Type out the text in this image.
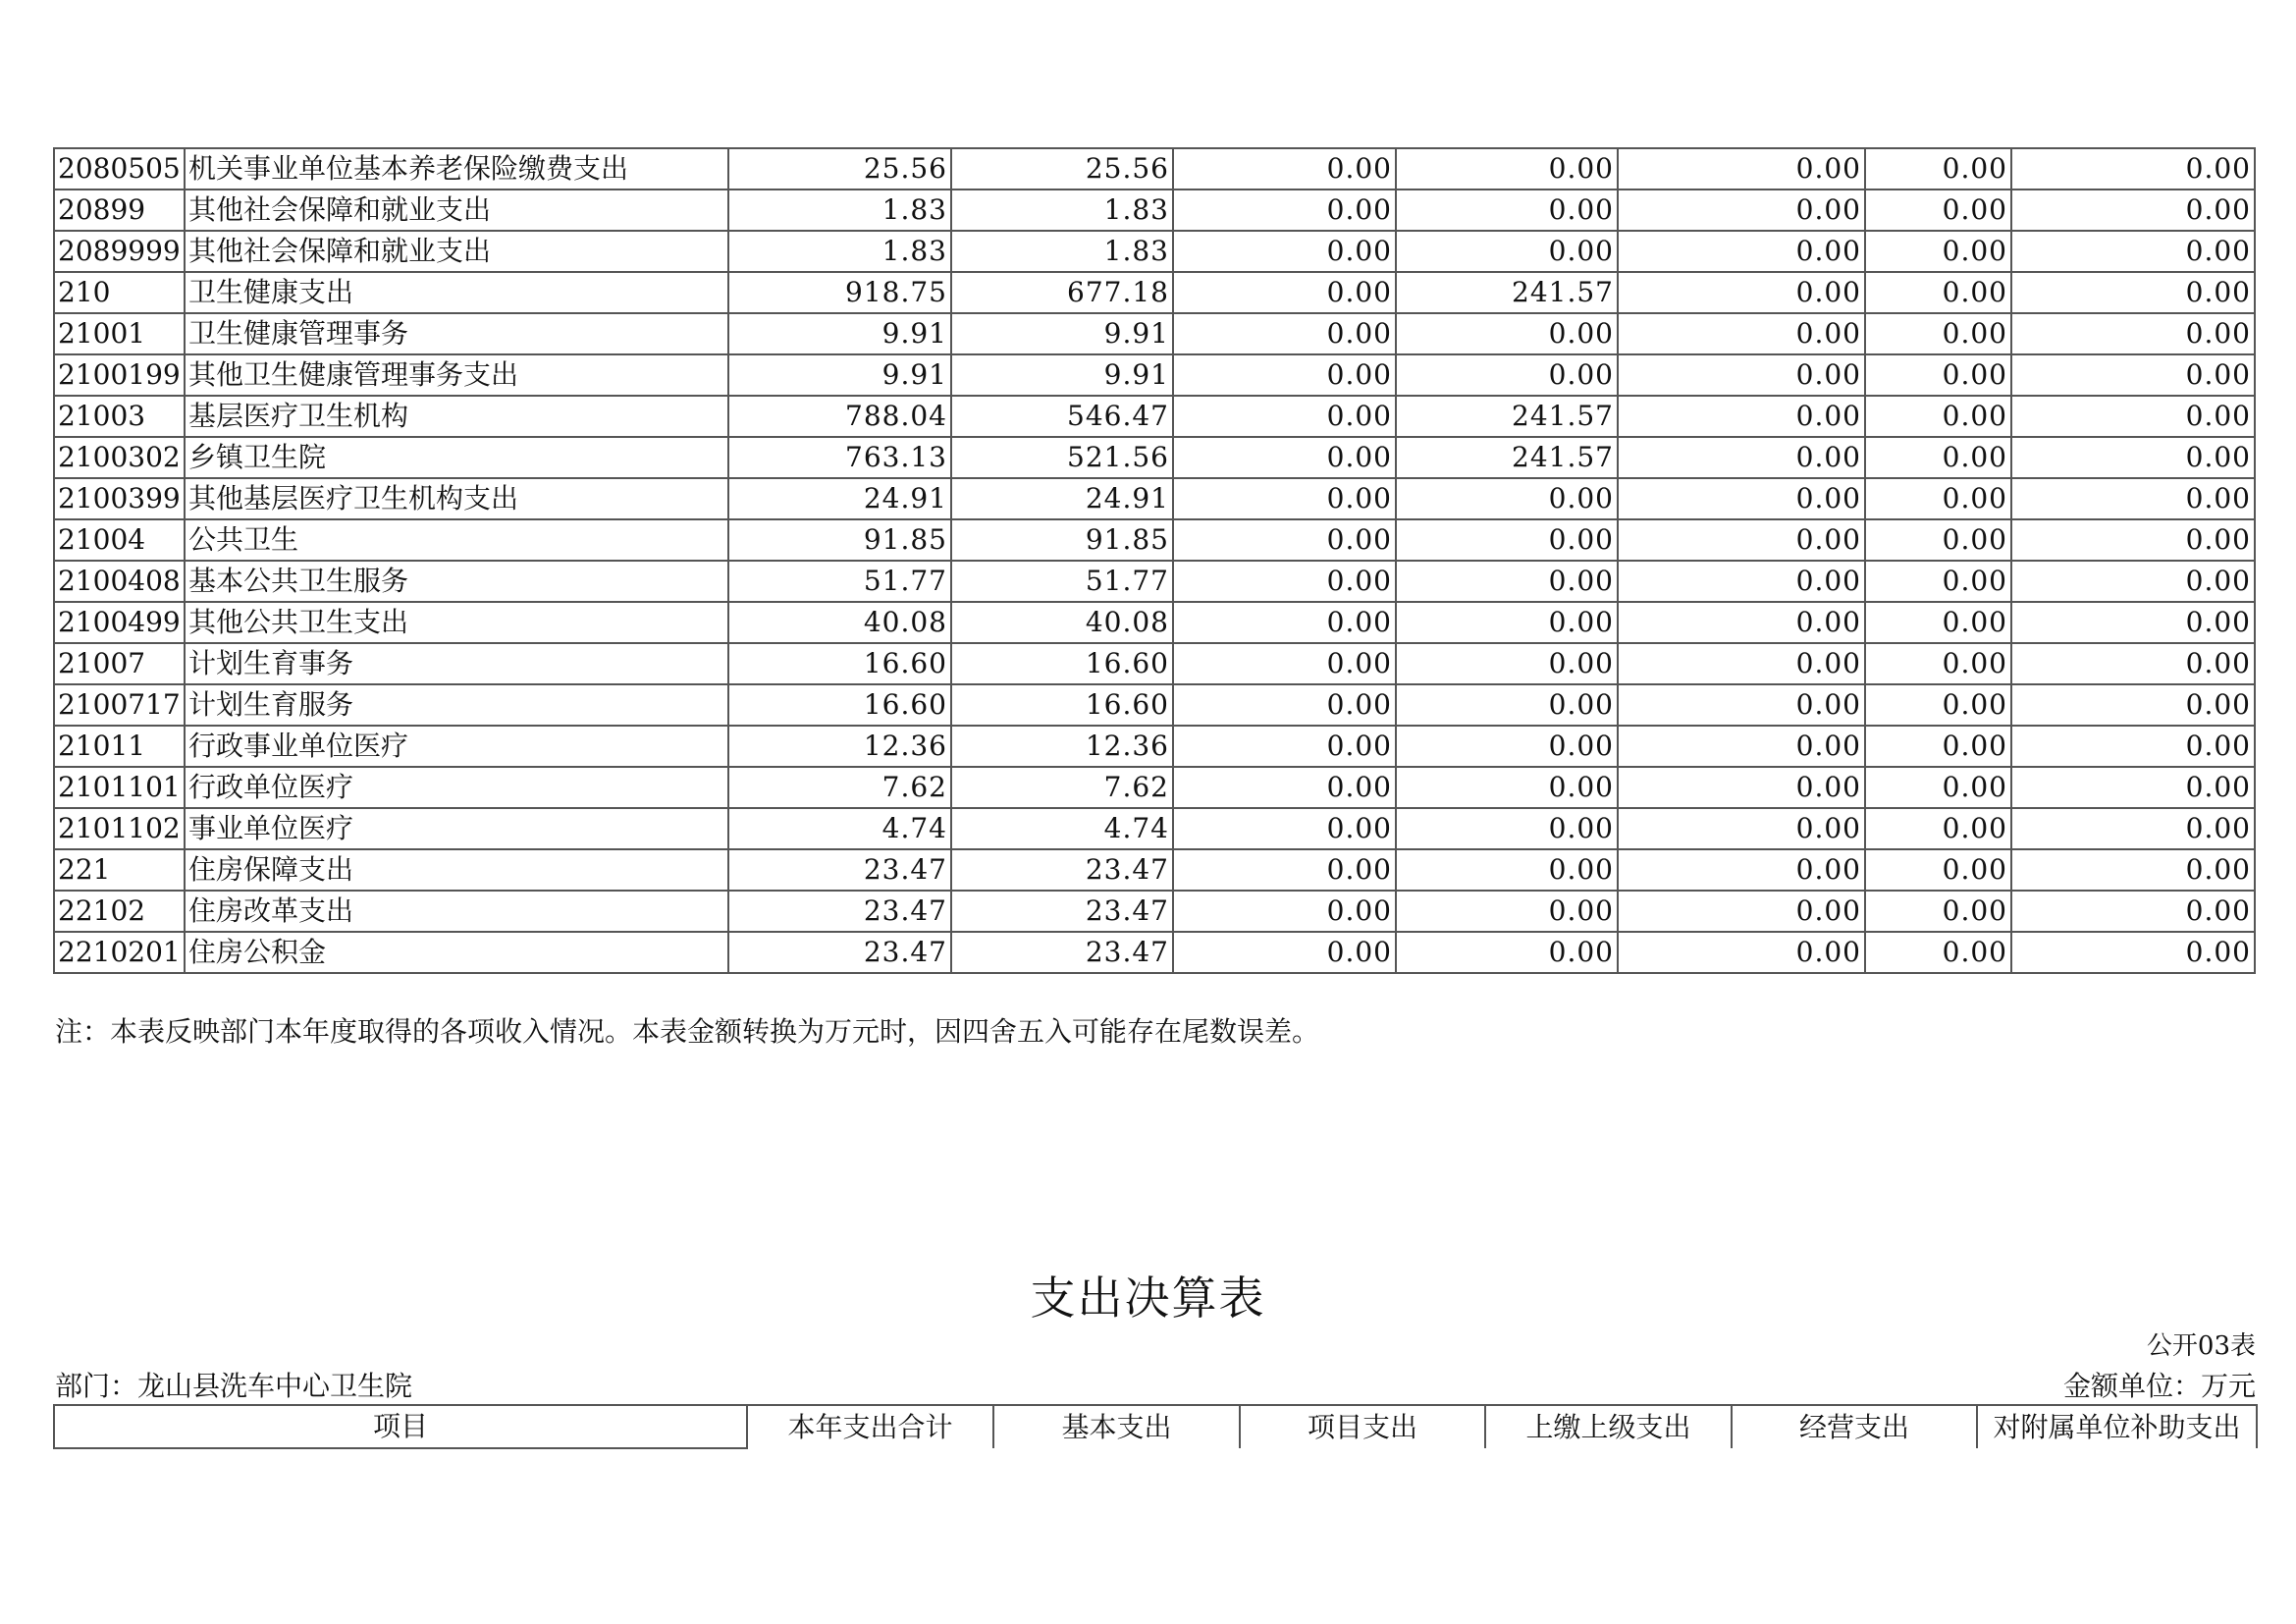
2080505	机关事业单位基本养老保险缴费支出	25.56	25.56	0.00	0.00	0.00	0.00	0.00
20899	其他社会保障和就业支出	1.83	1.83	0.00	0.00	0.00	0.00	0.00
2089999	其他社会保障和就业支出	1.83	1.83	0.00	0.00	0.00	0.00	0.00
210	卫生健康支出	918.75	677.18	0.00	241.57	0.00	0.00	0.00
21001	卫生健康管理事务	9.91	9.91	0.00	0.00	0.00	0.00	0.00
2100199	其他卫生健康管理事务支出	9.91	9.91	0.00	0.00	0.00	0.00	0.00
21003	基层医疗卫生机构	788.04	546.47	0.00	241.57	0.00	0.00	0.00
2100302	乡镇卫生院	763.13	521.56	0.00	241.57	0.00	0.00	0.00
2100399	其他基层医疗卫生机构支出	24.91	24.91	0.00	0.00	0.00	0.00	0.00
21004	公共卫生	91.85	91.85	0.00	0.00	0.00	0.00	0.00
2100408	基本公共卫生服务	51.77	51.77	0.00	0.00	0.00	0.00	0.00
2100499	其他公共卫生支出	40.08	40.08	0.00	0.00	0.00	0.00	0.00
21007	计划生育事务	16.60	16.60	0.00	0.00	0.00	0.00	0.00
2100717	计划生育服务	16.60	16.60	0.00	0.00	0.00	0.00	0.00
21011	行政事业单位医疗	12.36	12.36	0.00	0.00	0.00	0.00	0.00
2101101	行政单位医疗	7.62	7.62	0.00	0.00	0.00	0.00	0.00
2101102	事业单位医疗	4.74	4.74	0.00	0.00	0.00	0.00	0.00
221	住房保障支出	23.47	23.47	0.00	0.00	0.00	0.00	0.00
22102	住房改革支出	23.47	23.47	0.00	0.00	0.00	0.00	0.00
2210201	住房公积金	23.47	23.47	0.00	0.00	0.00	0.00	0.00
注：本表反映部门本年度取得的各项收入情况。本表金额转换为万元时，因四舍五入可能存在尾数误差。
支出决算表
公开03表
部门：龙山县洗车中心卫生院	金额单位：万元
项目	本年支出合计	基本支出	项目支出	上缴上级支出	经营支出	对附属单位补助支出
